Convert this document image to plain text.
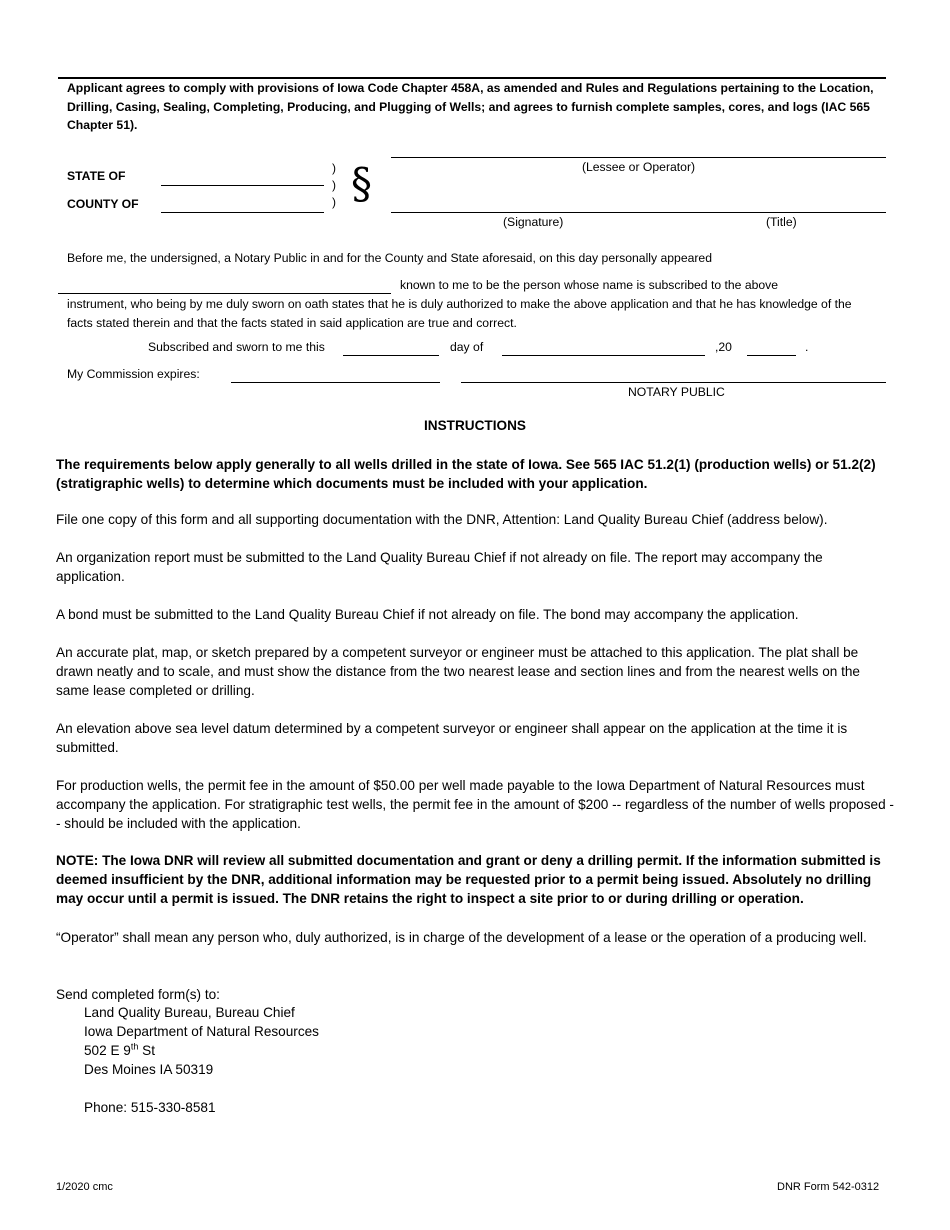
Applicant agrees to comply with provisions of Iowa Code Chapter 458A, as amended and Rules and Regulations pertaining to the Location, Drilling, Casing, Sealing, Completing, Producing, and Plugging of Wells; and agrees to furnish complete samples, cores, and logs (IAC 565 Chapter 51).
STATE OF
COUNTY OF
)
)
) §	(Lessee or Operator)
(Signature)	(Title)
Before me, the undersigned, a Notary Public in and for the County and State aforesaid, on this day personally appeared
known to me to be the person whose name is subscribed to the above
instrument, who being by me duly sworn on oath states that he is duly authorized to make the above application and that he has knowledge of the facts stated therein and that the facts stated in said application are true and correct.
Subscribed and sworn to me this	day of	,20	.
My Commission expires:
NOTARY PUBLIC
INSTRUCTIONS
The requirements below apply generally to all wells drilled in the state of Iowa. See 565 IAC 51.2(1) (production wells) or 51.2(2) (stratigraphic wells) to determine which documents must be included with your application.
File one copy of this form and all supporting documentation with the DNR, Attention: Land Quality Bureau Chief (address below).
An organization report must be submitted to the Land Quality Bureau Chief if not already on file. The report may accompany the application.
A bond must be submitted to the Land Quality Bureau Chief if not already on file. The bond may accompany the application.
An accurate plat, map, or sketch prepared by a competent surveyor or engineer must be attached to this application. The plat shall be drawn neatly and to scale, and must show the distance from the two nearest lease and section lines and from the nearest wells on the same lease completed or drilling.
An elevation above sea level datum determined by a competent surveyor or engineer shall appear on the application at the time it is submitted.
For production wells, the permit fee in the amount of $50.00 per well made payable to the Iowa Department of Natural Resources must accompany the application. For stratigraphic test wells, the permit fee in the amount of $200 -- regardless of the number of wells proposed -- should be included with the application.
NOTE: The Iowa DNR will review all submitted documentation and grant or deny a drilling permit. If the information submitted is deemed insufficient by the DNR, additional information may be requested prior to a permit being issued. Absolutely no drilling may occur until a permit is issued. The DNR retains the right to inspect a site prior to or during drilling or operation.
“Operator” shall mean any person who, duly authorized, is in charge of the development of a lease or the operation of a producing well.
Send completed form(s) to:
Land Quality Bureau, Bureau Chief
Iowa Department of Natural Resources
502 E 9th St
Des Moines IA 50319
Phone: 515-330-8581
1/2020 cmc	DNR Form 542-0312
